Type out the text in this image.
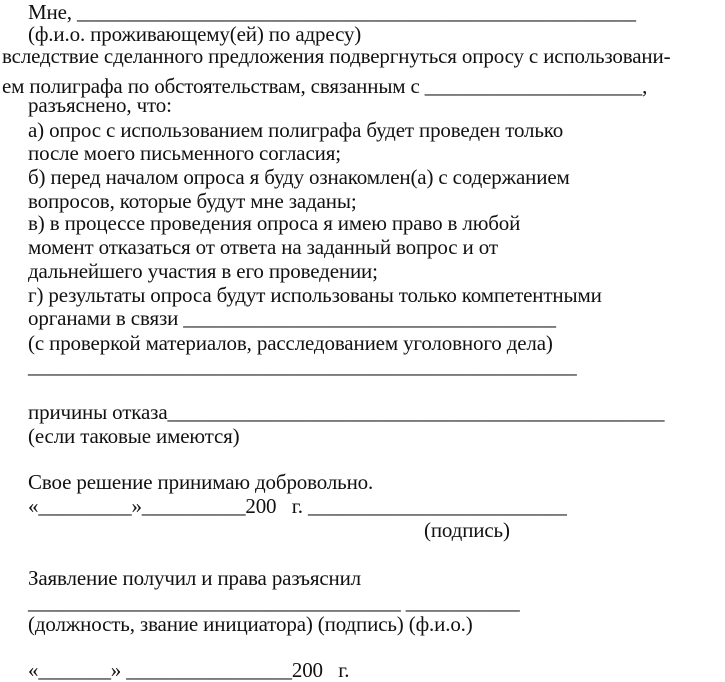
Мне, ______________________________________________________
(ф.и.о. проживающему(ей) по адресу)
вследствие сделанного предложения подвергнуться опросу с использовани-
ем полиграфа по обстоятельствам, связанным с _____________________,
разъяснено, что:
а) опрос с использованием полиграфа будет проведен только
после моего письменного согласия;
б) перед началом опроса я буду ознакомлен(а) с содержанием
вопросов, которые будут мне заданы;
в) в процессе проведения опроса я имею право в любой
момент отказаться от ответа на заданный вопрос и от
дальнейшего участия в его проведении;
г) результаты опроса будут использованы только компетентными
органами в связи ____________________________________
(с проверкой материалов, расследованием уголовного дела)
_____________________________________________________
причины отказа________________________________________________
(если таковые имеются)
Свое решение принимаю добровольно.
«_________»__________200   г. _________________________
(подпись)
Заявление получил и права разъяснил
____________________________________ ___________
(должность, звание инициатора) (подпись) (ф.и.о.)
«_______» ________________200   г.
